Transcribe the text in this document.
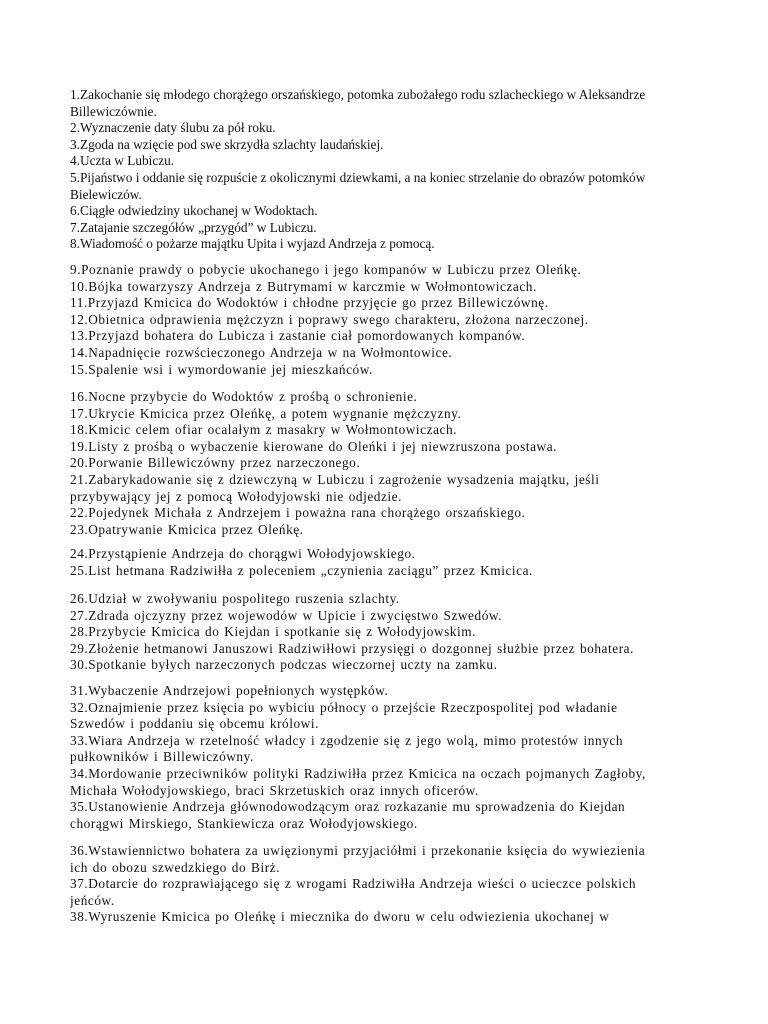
1.Zakochanie się młodego chorążego orszańskiego, potomka zubożałego rodu szlacheckiego w Aleksandrze
Billewiczównie.
2.Wyznaczenie daty ślubu za pół roku.
3.Zgoda na wzięcie pod swe skrzydła szlachty laudańskiej.
4.Uczta w Lubiczu.
5.Pijaństwo i oddanie się rozpuście z okolicznymi dziewkami, a na koniec strzelanie do obrazów potomków
Bielewiczów.
6.Ciągłe odwiedziny ukochanej w Wodoktach.
7.Zatajanie szczegółów „przygód” w Lubiczu.
8.Wiadomość o pożarze majątku Upita i wyjazd Andrzeja z pomocą.
9.Poznanie prawdy o pobycie ukochanego i jego kompanów w Lubiczu przez Oleńkę.
10.Bójka towarzyszy Andrzeja z Butrymami w karczmie w Wołmontowiczach.
11.Przyjazd Kmicica do Wodoktów i chłodne przyjęcie go przez Billewiczównę.
12.Obietnica odprawienia mężczyzn i poprawy swego charakteru, złożona narzeczonej.
13.Przyjazd bohatera do Lubicza i zastanie ciał pomordowanych kompanów.
14.Napadnięcie rozwścieczonego Andrzeja w na Wołmontowice.
15.Spalenie wsi i wymordowanie jej mieszkańców.
16.Nocne przybycie do Wodoktów z prośbą o schronienie.
17.Ukrycie Kmicica przez Oleńkę, a potem wygnanie mężczyzny.
18.Kmicic celem ofiar ocalałym z masakry w Wołmontowiczach.
19.Listy z prośbą o wybaczenie kierowane do Oleńki i jej niewzruszona postawa.
20.Porwanie Billewiczówny przez narzeczonego.
21.Zabarykadowanie się z dziewczyną w Lubiczu i zagrożenie wysadzenia majątku, jeśli
przybywający jej z pomocą Wołodyjowski nie odjedzie.
22.Pojedynek Michała z Andrzejem i poważna rana chorążego orszańskiego.
23.Opatrywanie Kmicica przez Oleńkę.
24.Przystąpienie Andrzeja do chorągwi Wołodyjowskiego.
25.List hetmana Radziwiłła z poleceniem „czynienia zaciągu” przez Kmicica.
26.Udział w zwoływaniu pospolitego ruszenia szlachty.
27.Zdrada ojczyzny przez wojewodów w Upicie i zwycięstwo Szwedów.
28.Przybycie Kmicica do Kiejdan i spotkanie się z Wołodyjowskim.
29.Złożenie hetmanowi Januszowi Radziwiłłowi przysięgi o dozgonnej służbie przez bohatera.
30.Spotkanie byłych narzeczonych podczas wieczornej uczty na zamku.
31.Wybaczenie Andrzejowi popełnionych występków.
32.Oznajmienie przez księcia po wybiciu północy o przejście Rzeczpospolitej pod władanie
Szwedów i poddaniu się obcemu królowi.
33.Wiara Andrzeja w rzetelność władcy i zgodzenie się z jego wolą, mimo protestów innych
pułkowników i Billewiczówny.
34.Mordowanie przeciwników polityki Radziwiłła przez Kmicica na oczach pojmanych Zagłoby,
Michała Wołodyjowskiego, braci Skrzetuskich oraz innych oficerów.
35.Ustanowienie Andrzeja głównodowodzącym oraz rozkazanie mu sprowadzenia do Kiejdan
chorągwi Mirskiego, Stankiewicza oraz Wołodyjowskiego.
36.Wstawiennictwo bohatera za uwięzionymi przyjaciółmi i przekonanie księcia do wywiezienia
ich do obozu szwedzkiego do Birż.
37.Dotarcie do rozprawiającego się z wrogami Radziwiłła Andrzeja wieści o ucieczce polskich
jeńców.
38.Wyruszenie Kmicica po Oleńkę i miecznika do dworu w celu odwiezienia ukochanej w
